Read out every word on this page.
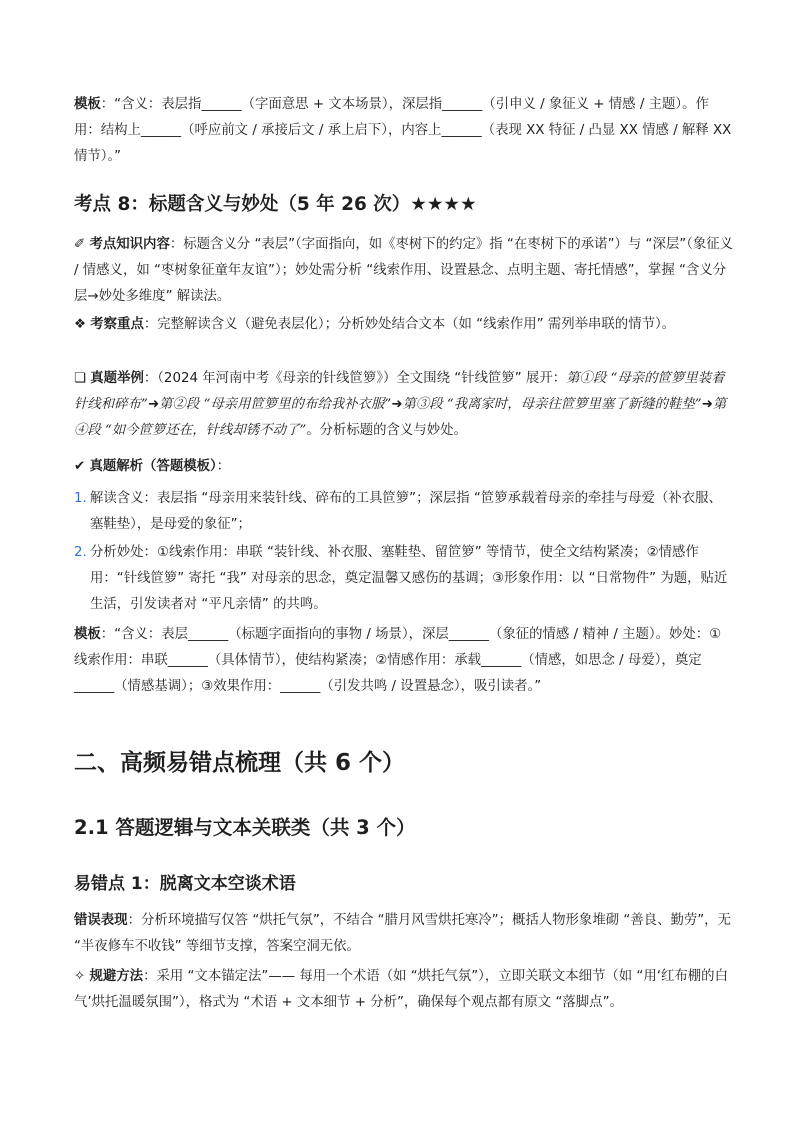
模板：“含义：表层指______（字面意思 + 文本场景），深层指______（引申义 / 象征义 + 情感 / 主题）。作用：结构上______（呼应前文 / 承接后文 / 承上启下），内容上______（表现 XX 特征 / 凸显 XX 情感 / 解释 XX 情节）。”

考点 8：标题含义与妙处（5 年 26 次）★★★★

✐ 考点知识内容：标题含义分 “表层”（字面指向，如《枣树下的约定》指 “在枣树下的承诺”）与 “深层”（象征义 / 情感义，如 “枣树象征童年友谊”）；妙处需分析 “线索作用、设置悬念、点明主题、寄托情感”，掌握 “含义分层→妙处多维度” 解读法。

❖ 考察重点：完整解读含义（避免表层化）；分析妙处结合文本（如 “线索作用” 需列举串联的情节）。

❏ 真题举例：（2024 年河南中考《母亲的针线笸箩》）全文围绕 “针线笸箩” 展开：第①段 “母亲的笸箩里装着针线和碎布”➜第②段 “母亲用笸箩里的布给我补衣服”➜第③段 “我离家时，母亲往笸箩里塞了新缝的鞋垫”➜第④段 “如今笸箩还在，针线却锈不动了”。分析标题的含义与妙处。

✔ 真题解析（答题模板）：

1. 解读含义：表层指 “母亲用来装针线、碎布的工具笸箩”；深层指 “笸箩承载着母亲的牵挂与母爱（补衣服、塞鞋垫），是母爱的象征”；
2. 分析妙处：①线索作用：串联 “装针线、补衣服、塞鞋垫、留笸箩” 等情节，使全文结构紧凑；②情感作用：“针线笸箩” 寄托 “我” 对母亲的思念，奠定温馨又感伤的基调；③形象作用：以 “日常物件” 为题，贴近生活，引发读者对 “平凡亲情” 的共鸣。

模板：“含义：表层______（标题字面指向的事物 / 场景），深层______（象征的情感 / 精神 / 主题）。妙处：①线索作用：串联______（具体情节），使结构紧凑；②情感作用：承载______（情感，如思念 / 母爱），奠定______（情感基调）；③效果作用：______（引发共鸣 / 设置悬念），吸引读者。”

二、高频易错点梳理（共 6 个）
2.1 答题逻辑与文本关联类（共 3 个）
易错点 1：脱离文本空谈术语

错误表现：分析环境描写仅答 “烘托气氛”，不结合 “腊月风雪烘托寒冷”；概括人物形象堆砌 “善良、勤劳”，无 “半夜修车不收钱” 等细节支撑，答案空洞无依。

✧ 规避方法：采用 “文本锚定法”—— 每用一个术语（如 “烘托气氛”），立即关联文本细节（如 “用‘红布棚的白气’烘托温暖氛围”），格式为 “术语 + 文本细节 + 分析”，确保每个观点都有原文 “落脚点”。
